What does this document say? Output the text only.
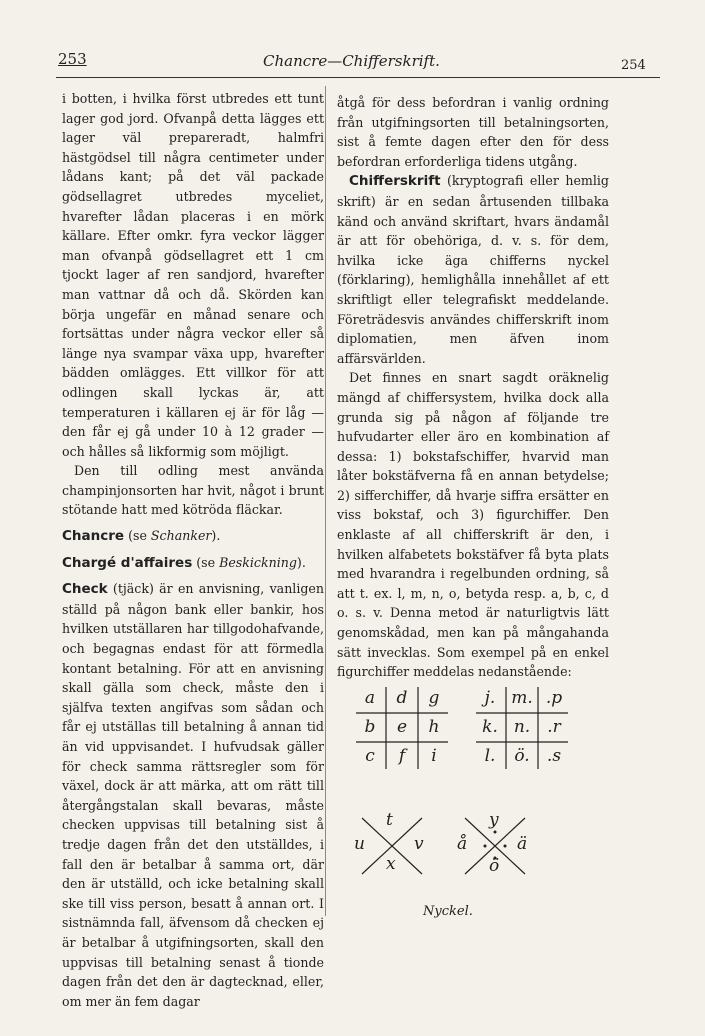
253	Chancre—Chifferskrift.	254

i botten, i hvilka först utbredes ett tunt lager god jord. Ofvanpå detta lägges ett lager väl prepareradt, halmfri hästgödsel till några centimeter under lådans kant; på det väl packade gödsellagret utbredes myceliet, hvarefter lådan placeras i en mörk källare. Efter omkr. fyra veckor lägger man ofvanpå gödsellagret ett 1 cm tjockt lager af ren sandjord, hvarefter man vattnar då och då. Skörden kan börja ungefär en månad senare och fortsättas under några veckor eller så länge nya svampar växa upp, hvarefter bädden omlägges. Ett villkor för att odlingen skall lyckas är, att temperaturen i källaren ej är för låg — den får ej gå under 10 à 12 grader — och hålles så likformig som möjligt.

Den till odling mest använda champinjonsorten har hvit, något i brunt stötande hatt med kötröda fläckar.

Chancre (se Schanker).

Chargé d'affaires (se Beskickning).

Check (tjäck) är en anvisning, vanligen ställd på någon bank eller bankir, hos hvilken utställaren har tillgodohafvande, och begagnas endast för att förmedla kontant betalning. För att en anvisning skall gälla som check, måste den i själfva texten angifvas som sådan och får ej utställas till betalning å annan tid än vid uppvisandet. I hufvudsak gäller för check samma rättsregler som för växel, dock är att märka, att om rätt till återgångstalan skall bevaras, måste checken uppvisas till betalning sist å tredje dagen från det den utställdes, i fall den är betalbar å samma ort, där den är utställd, och icke betalning skall ske till viss person, besatt å annan ort. I sistnämnda fall, äfvensom då checken ej är betalbar å utgifningsorten, skall den uppvisas till betalning senast å tionde dagen från det den är dagtecknad, eller, om mer än fem dagar

åtgå för dess befordran i vanlig ordning från utgifningsorten till betalningsorten, sist å femte dagen efter den för dess befordran erforderliga tidens utgång.

Chifferskrift (kryptografi eller hemlig skrift) är en sedan årtusenden tillbaka känd och använd skriftart, hvars ändamål är att för obehöriga, d. v. s. för dem, hvilka icke äga chifferns nyckel (förklaring), hemlighålla innehållet af ett skriftligt eller telegrafiskt meddelande. Företrädesvis användes chifferskrift inom diplomatien, men äfven inom affärsvärlden.

Det finnes en snart sagdt oräknelig mängd af chiffersystem, hvilka dock alla grunda sig på någon af följande tre hufvudarter eller äro en kombination af dessa: 1) bokstafschiffer, hvarvid man låter bokstäfverna få en annan betydelse; 2) sifferchiffer, då hvarje siffra ersätter en viss bokstaf, och 3) figurchiffer. Den enklaste af all chifferskrift är den, i hvilken alfabetets bokstäfver få byta plats med hvarandra i regelbunden ordning, så att t. ex. l, m, n, o, betyda resp. a, b, c, d o. s. v. Denna metod är naturligtvis lätt genomskådad, men kan på mångahanda sätt invecklas. Som exempel på en enkel figurchiffer meddelas nedanstående:

a	d	g
b	e	h
c	f	i
j. m. .p
k. n.	.r
l.	ö.	.s
t
u	v
x
y
å	ä
ö
Nyckel.
